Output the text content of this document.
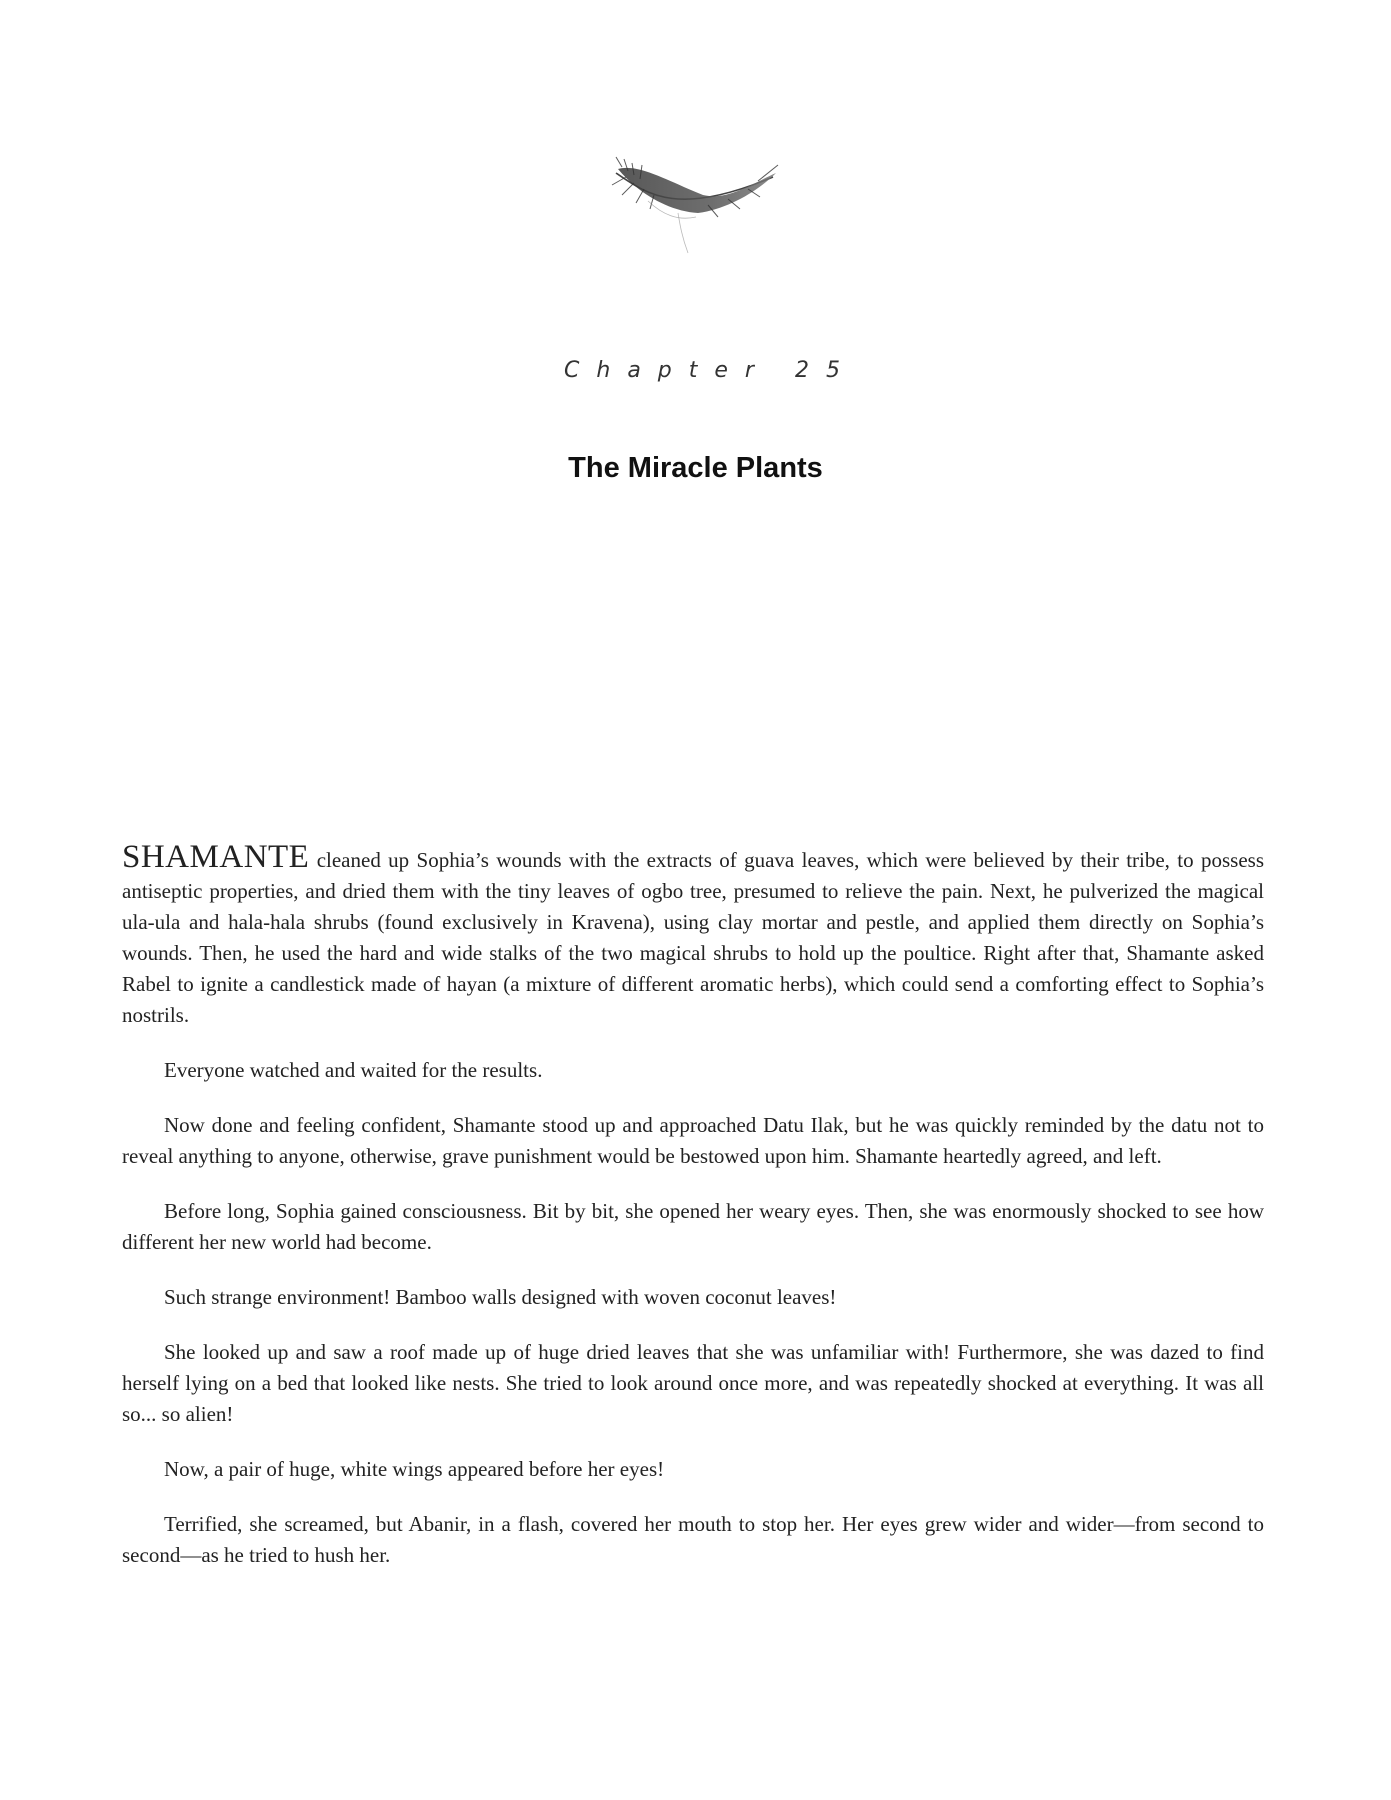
Chapter 25
The Miracle Plants

SHAMANTE cleaned up Sophia’s wounds with the extracts of guava leaves, which were believed by their tribe, to possess antiseptic properties, and dried them with the tiny leaves of ogbo tree, presumed to relieve the pain. Next, he pulverized the magical ula-ula and hala-hala shrubs (found exclusively in Kravena), using clay mortar and pestle, and applied them directly on Sophia’s wounds. Then, he used the hard and wide stalks of the two magical shrubs to hold up the poultice. Right after that, Shamante asked Rabel to ignite a candlestick made of hayan (a mixture of different aromatic herbs), which could send a comforting effect to Sophia’s nostrils.

Everyone watched and waited for the results.

Now done and feeling confident, Shamante stood up and approached Datu Ilak, but he was quickly reminded by the datu not to reveal anything to anyone, otherwise, grave punishment would be bestowed upon him. Shamante heartedly agreed, and left.

Before long, Sophia gained consciousness. Bit by bit, she opened her weary eyes. Then, she was enormously shocked to see how different her new world had become.

Such strange environment! Bamboo walls designed with woven coconut leaves!

She looked up and saw a roof made up of huge dried leaves that she was unfamiliar with! Furthermore, she was dazed to find herself lying on a bed that looked like nests. She tried to look around once more, and was repeatedly shocked at everything. It was all so... so alien!

Now, a pair of huge, white wings appeared before her eyes!

Terrified, she screamed, but Abanir, in a flash, covered her mouth to stop her. Her eyes grew wider and wider—from second to second—as he tried to hush her.
